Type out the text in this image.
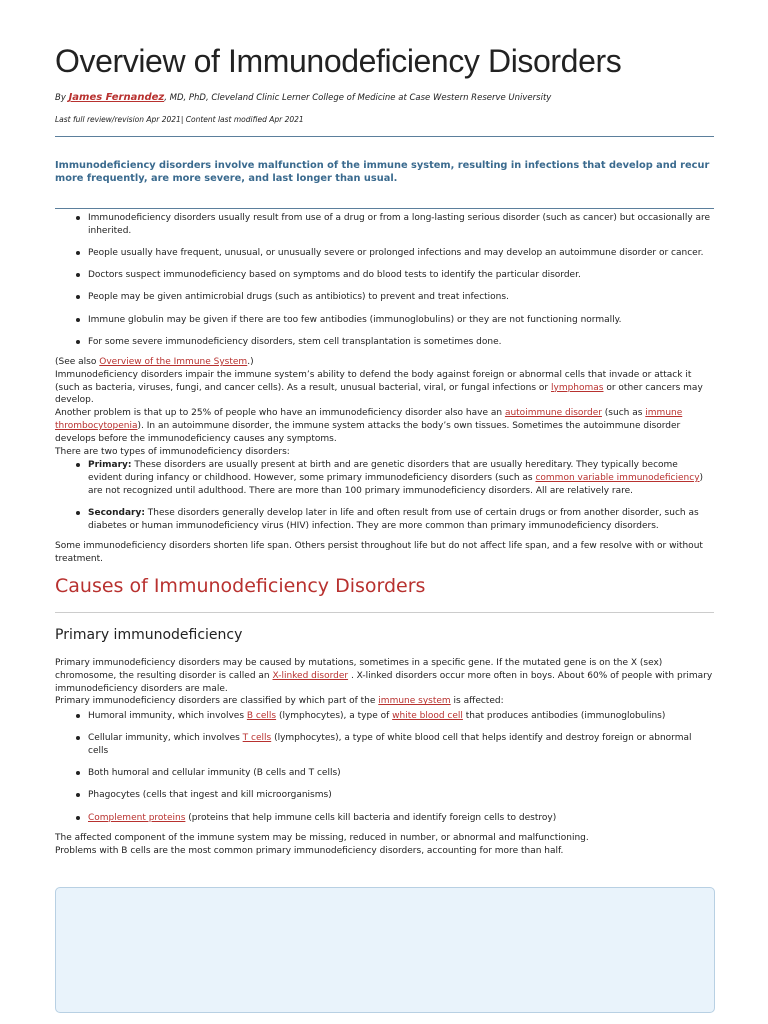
Overview of Immunodeficiency Disorders
By James Fernandez, MD, PhD, Cleveland Clinic Lerner College of Medicine at Case Western Reserve University
Last full review/revision Apr 2021| Content last modified Apr 2021
Immunodeficiency disorders involve malfunction of the immune system, resulting in infections that develop and recur more frequently, are more severe, and last longer than usual.
Immunodeficiency disorders usually result from use of a drug or from a long-lasting serious disorder (such as cancer) but occasionally are inherited.
People usually have frequent, unusual, or unusually severe or prolonged infections and may develop an autoimmune disorder or cancer.
Doctors suspect immunodeficiency based on symptoms and do blood tests to identify the particular disorder.
People may be given antimicrobial drugs (such as antibiotics) to prevent and treat infections.
Immune globulin may be given if there are too few antibodies (immunoglobulins) or they are not functioning normally.
For some severe immunodeficiency disorders, stem cell transplantation is sometimes done.
(See also Overview of the Immune System.)
Immunodeficiency disorders impair the immune system’s ability to defend the body against foreign or abnormal cells that invade or attack it (such as bacteria, viruses, fungi, and cancer cells). As a result, unusual bacterial, viral, or fungal infections or lymphomas or other cancers may develop.
Another problem is that up to 25% of people who have an immunodeficiency disorder also have an autoimmune disorder (such as immune thrombocytopenia). In an autoimmune disorder, the immune system attacks the body’s own tissues. Sometimes the autoimmune disorder develops before the immunodeficiency causes any symptoms.
There are two types of immunodeficiency disorders:
Primary: These disorders are usually present at birth and are genetic disorders that are usually hereditary. They typically become evident during infancy or childhood. However, some primary immunodeficiency disorders (such as common variable immunodeficiency) are not recognized until adulthood. There are more than 100 primary immunodeficiency disorders. All are relatively rare.
Secondary: These disorders generally develop later in life and often result from use of certain drugs or from another disorder, such as diabetes or human immunodeficiency virus (HIV) infection. They are more common than primary immunodeficiency disorders.
Some immunodeficiency disorders shorten life span. Others persist throughout life but do not affect life span, and a few resolve with or without treatment.
Causes of Immunodeficiency Disorders
Primary immunodeficiency
Primary immunodeficiency disorders may be caused by mutations, sometimes in a specific gene. If the mutated gene is on the X (sex) chromosome, the resulting disorder is called an X-linked disorder . X-linked disorders occur more often in boys. About 60% of people with primary immunodeficiency disorders are male.
Primary immunodeficiency disorders are classified by which part of the immune system is affected:
Humoral immunity, which involves B cells (lymphocytes), a type of white blood cell that produces antibodies (immunoglobulins)
Cellular immunity, which involves T cells (lymphocytes), a type of white blood cell that helps identify and destroy foreign or abnormal cells
Both humoral and cellular immunity (B cells and T cells)
Phagocytes (cells that ingest and kill microorganisms)
Complement proteins (proteins that help immune cells kill bacteria and identify foreign cells to destroy)
The affected component of the immune system may be missing, reduced in number, or abnormal and malfunctioning.
Problems with B cells are the most common primary immunodeficiency disorders, accounting for more than half.
